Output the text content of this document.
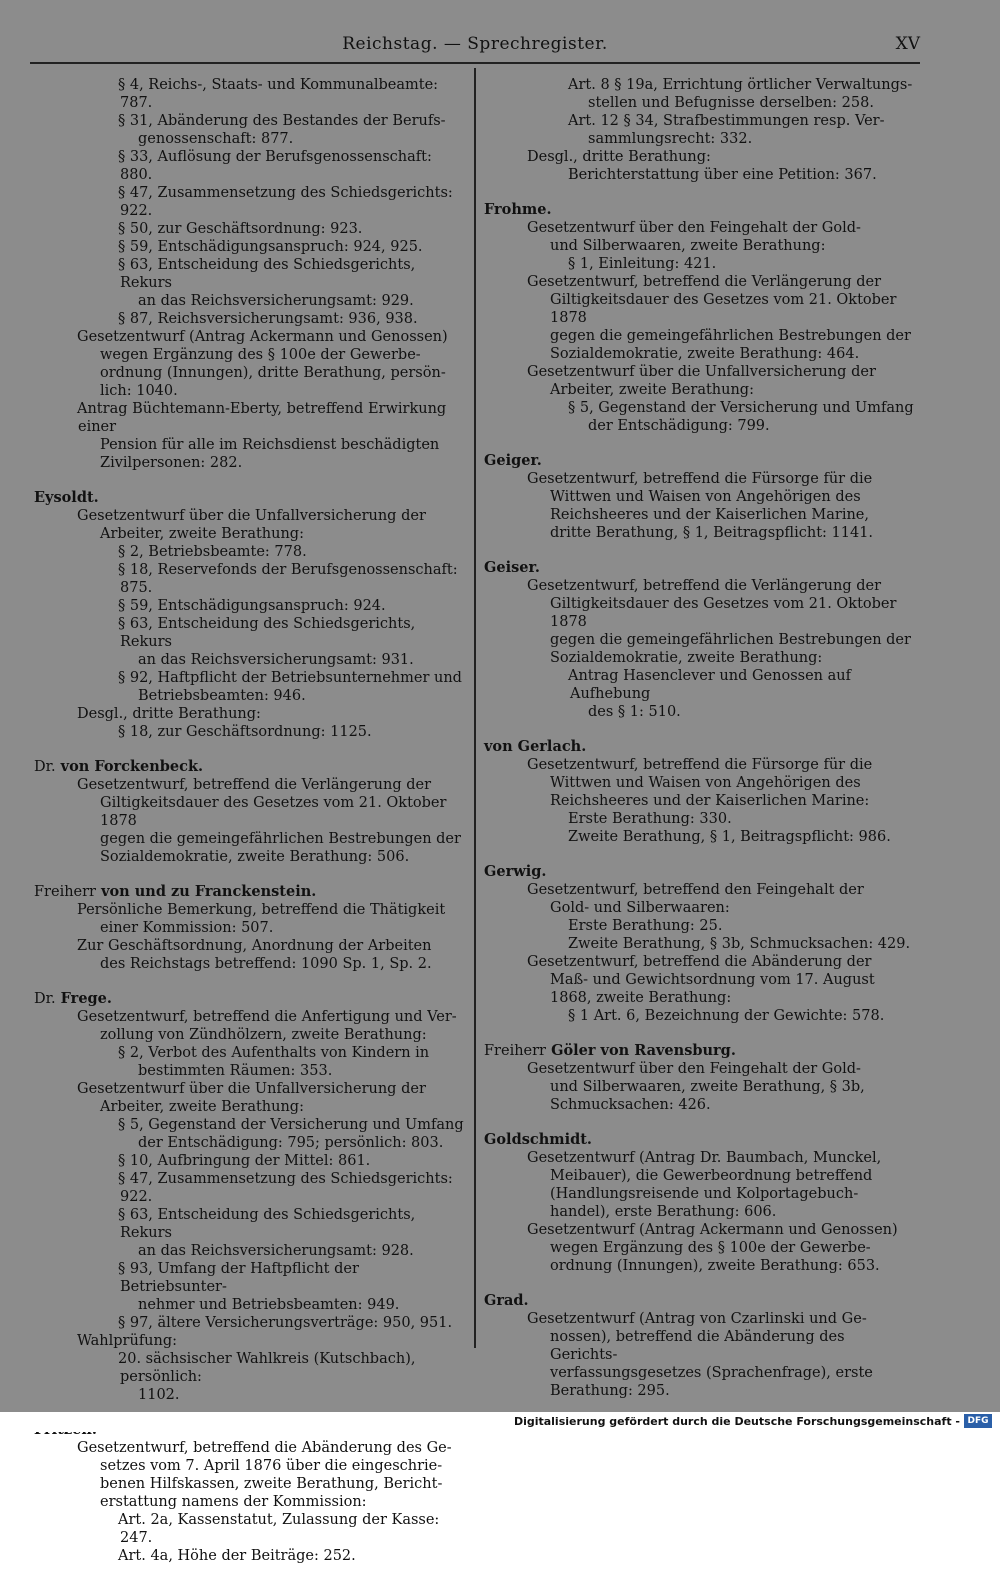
Reichstag. — Sprechregister.	XV
§ 4, Reichs-, Staats- und Kommunalbeamte: 787.
§ 31, Abänderung des Bestandes der Berufs-
genossenschaft: 877.
§ 33, Auflösung der Berufsgenossenschaft: 880.
§ 47, Zusammensetzung des Schiedsgerichts: 922.
§ 50, zur Geschäftsordnung: 923.
§ 59, Entschädigungsanspruch: 924, 925.
§ 63, Entscheidung des Schiedsgerichts, Rekurs
an das Reichsversicherungsamt: 929.
§ 87, Reichsversicherungsamt: 936, 938.
Gesetzentwurf (Antrag Ackermann und Genossen)
wegen Ergänzung des § 100e der Gewerbe-
ordnung (Innungen), dritte Berathung, persön-
lich: 1040.
Antrag Büchtemann-Eberty, betreffend Erwirkung einer
Pension für alle im Reichsdienst beschädigten
Zivilpersonen: 282.
Eysoldt.
Gesetzentwurf über die Unfallversicherung der
Arbeiter, zweite Berathung:
§ 2, Betriebsbeamte: 778.
§ 18, Reservefonds der Berufsgenossenschaft: 875.
§ 59, Entschädigungsanspruch: 924.
§ 63, Entscheidung des Schiedsgerichts, Rekurs
an das Reichsversicherungsamt: 931.
§ 92, Haftpflicht der Betriebsunternehmer und
Betriebsbeamten: 946.
Desgl., dritte Berathung:
§ 18, zur Geschäftsordnung: 1125.
Dr. von Forckenbeck.
Gesetzentwurf, betreffend die Verlängerung der
Giltigkeitsdauer des Gesetzes vom 21. Oktober 1878
gegen die gemeingefährlichen Bestrebungen der
Sozialdemokratie, zweite Berathung: 506.
Freiherr von und zu Franckenstein.
Persönliche Bemerkung, betreffend die Thätigkeit
einer Kommission: 507.
Zur Geschäftsordnung, Anordnung der Arbeiten
des Reichstags betreffend: 1090 Sp. 1, Sp. 2.
Dr. Frege.
Gesetzentwurf, betreffend die Anfertigung und Ver-
zollung von Zündhölzern, zweite Berathung:
§ 2, Verbot des Aufenthalts von Kindern in
bestimmten Räumen: 353.
Gesetzentwurf über die Unfallversicherung der
Arbeiter, zweite Berathung:
§ 5, Gegenstand der Versicherung und Umfang
der Entschädigung: 795; persönlich: 803.
§ 10, Aufbringung der Mittel: 861.
§ 47, Zusammensetzung des Schiedsgerichts: 922.
§ 63, Entscheidung des Schiedsgerichts, Rekurs
an das Reichsversicherungsamt: 928.
§ 93, Umfang der Haftpflicht der Betriebsunter-
nehmer und Betriebsbeamten: 949.
§ 97, ältere Versicherungsverträge: 950, 951.
Wahlprüfung:
20. sächsischer Wahlkreis (Kutschbach), persönlich:
1102.
Gesetzentwurf, betreffend die Abänderung des Ge-
setzes vom 7. April 1876 über die eingeschrie-
benen Hilfskassen, zweite Berathung, Bericht-
erstattung namens der Kommission:
Art. 2a, Kassenstatut, Zulassung der Kasse: 247.
Art. 4a, Höhe der Beiträge: 252.
Art. 8 § 19a, Errichtung örtlicher Verwaltungs-
stellen und Befugnisse derselben: 258.
Art. 12 § 34, Strafbestimmungen resp. Ver-
sammlungsrecht: 332.
Desgl., dritte Berathung:
Berichterstattung über eine Petition: 367.
Frohme.
Gesetzentwurf über den Feingehalt der Gold-
und Silberwaaren, zweite Berathung:
§ 1, Einleitung: 421.
Gesetzentwurf, betreffend die Verlängerung der
Giltigkeitsdauer des Gesetzes vom 21. Oktober 1878
gegen die gemeingefährlichen Bestrebungen der
Sozialdemokratie, zweite Berathung: 464.
Gesetzentwurf über die Unfallversicherung der
Arbeiter, zweite Berathung:
§ 5, Gegenstand der Versicherung und Umfang
der Entschädigung: 799.
Geiger.
Gesetzentwurf, betreffend die Fürsorge für die
Wittwen und Waisen von Angehörigen des
Reichsheeres und der Kaiserlichen Marine,
dritte Berathung, § 1, Beitragspflicht: 1141.
Geiser.
Gesetzentwurf, betreffend die Verlängerung der
Giltigkeitsdauer des Gesetzes vom 21. Oktober 1878
gegen die gemeingefährlichen Bestrebungen der
Sozialdemokratie, zweite Berathung:
Antrag Hasenclever und Genossen auf Aufhebung
des § 1: 510.
von Gerlach.
Gesetzentwurf, betreffend die Fürsorge für die
Wittwen und Waisen von Angehörigen des
Reichsheeres und der Kaiserlichen Marine:
Erste Berathung: 330.
Zweite Berathung, § 1, Beitragspflicht: 986.
Gerwig.
Gesetzentwurf, betreffend den Feingehalt der
Gold- und Silberwaaren:
Erste Berathung: 25.
Zweite Berathung, § 3b, Schmucksachen: 429.
Gesetzentwurf, betreffend die Abänderung der
Maß- und Gewichtsordnung vom 17. August
1868, zweite Berathung:
§ 1 Art. 6, Bezeichnung der Gewichte: 578.
Freiherr Göler von Ravensburg.
Gesetzentwurf über den Feingehalt der Gold-
und Silberwaaren, zweite Berathung, § 3b,
Schmucksachen: 426.
Goldschmidt.
Gesetzentwurf (Antrag Dr. Baumbach, Munckel,
Meibauer), die Gewerbeordnung betreffend
(Handlungsreisende und Kolportagebuch-
handel), erste Berathung: 606.
Gesetzentwurf (Antrag Ackermann und Genossen)
wegen Ergänzung des § 100e der Gewerbe-
ordnung (Innungen), zweite Berathung: 653.
Grad.
Gesetzentwurf (Antrag von Czarlinski und Ge-
nossen), betreffend die Abänderung des Gerichts-
verfassungsgesetzes (Sprachenfrage), erste
Berathung: 295.
Digitalisierung gefördert durch die Deutsche Forschungsgemeinschaft - DFG
